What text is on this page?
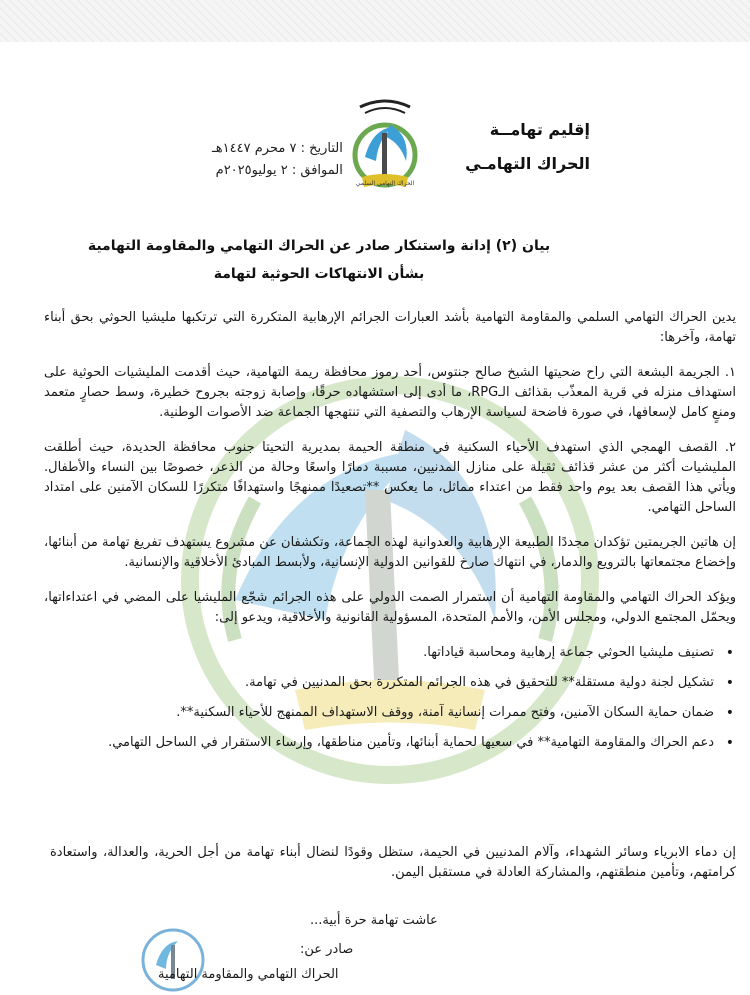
إقليم تهامــة
الحراك التهامـي
الحراك التهامي السلمي
التاريخ : ٧ محرم ١٤٤٧هـ
الموافق : ٢ يوليو٢٠٢٥م
بيان (٢) إدانة واستنكار صادر عن الحراك التهامي والمقاومة التهامية
بشأن الانتهاكات الحوثية لتهامة

يدين الحراك التهامي السلمي والمقاومة التهامية بأشد العبارات الجرائم الإرهابية المتكررة التي ترتكبها مليشيا الحوثي بحق أبناء تهامة، وآخرها:

١. الجريمة البشعة التي راح ضحيتها الشيخ صالح جنتوس، أحد رموز محافظة ريمة التهامية، حيث أقدمت المليشيات الحوثية على استهداف منزله في قرية المعذّب بقذائف الـRPG، ما أدى إلى استشهاده حرقًا، وإصابة زوجته بجروح خطيرة، وسط حصارٍ متعمد ومنعٍ كامل لإسعافها، في صورة فاضحة لسياسة الإرهاب والتصفية التي تنتهجها الجماعة ضد الأصوات الوطنية.

٢. القصف الهمجي الذي استهدف الأحياء السكنية في منطقة الحيمة بمديرية التحيتا جنوب محافظة الحديدة، حيث أطلقت المليشيات أكثر من عشر قذائف ثقيلة على منازل المدنيين، مسببة دمارًا واسعًا وحالة من الذعر، خصوصًا بين النساء والأطفال. ويأتي هذا القصف بعد يوم واحد فقط من اعتداء مماثل، ما يعكس **تصعيدًا ممنهجًا واستهدافًا متكررًا للسكان الآمنين على امتداد الساحل التهامي.

إن هاتين الجريمتين تؤكدان مجددًا الطبيعة الإرهابية والعدوانية لهذه الجماعة، وتكشفان عن مشروع يستهدف تفريغ تهامة من أبنائها، وإخضاع مجتمعاتها بالترويع والدمار، في انتهاك صارخ للقوانين الدولية الإنسانية، ولأبسط المبادئ الأخلاقية والإنسانية.

ويؤكد الحراك التهامي والمقاومة التهامية أن استمرار الصمت الدولي على هذه الجرائم شجّع المليشيا على المضي في اعتداءاتها، ويحمّل المجتمع الدولي، ومجلس الأمن، والأمم المتحدة، المسؤولية القانونية والأخلاقية، ويدعو إلى:

• تصنيف مليشيا الحوثي جماعة إرهابية ومحاسبة قياداتها.
• تشكيل لجنة دولية مستقلة** للتحقيق في هذه الجرائم المتكررة بحق المدنيين في تهامة.
• ضمان حماية السكان الآمنين، وفتح ممرات إنسانية آمنة، ووقف الاستهداف الممنهج للأحياء السكنية**.
• دعم الحراك والمقاومة التهامية** في سعيها لحماية أبنائها، وتأمين مناطقها، وإرساء الاستقرار في الساحل التهامي.
إن دماء الابرياء وسائر الشهداء، وآلام المدنيين في الحيمة، ستظل وقودًا لنضال أبناء تهامة من أجل الحرية، والعدالة، واستعادة كرامتهم، وتأمين منطقتهم، والمشاركة العادلة في مستقبل اليمن.
عاشت تهامة حرة أبية...
صادر عن:
الحراك التهامي والمقاومة التهامية
